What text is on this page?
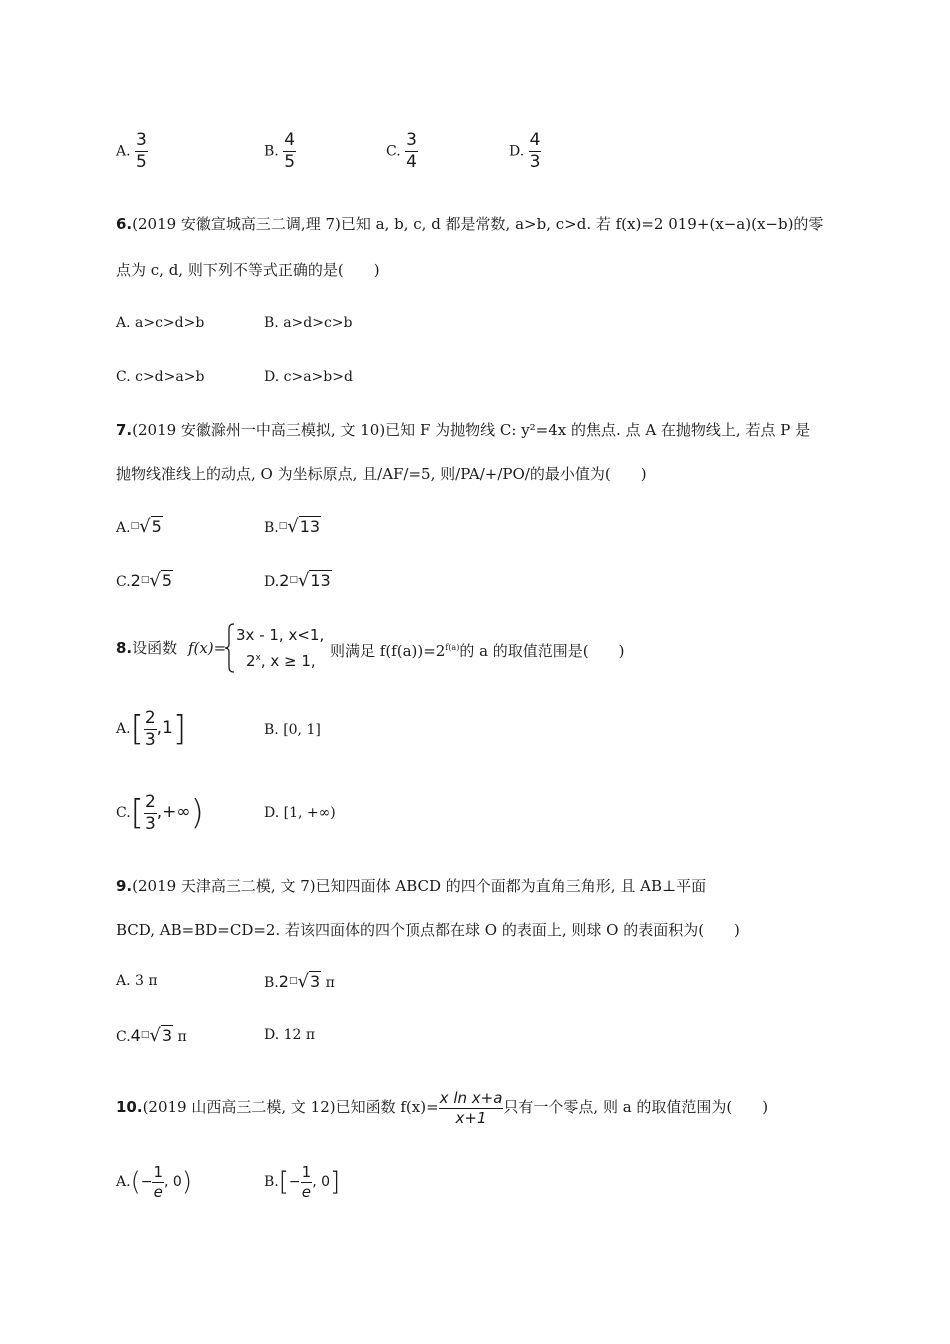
A. $\frac{3}{5}$	B. $\frac{4}{5}$	C. $\frac{3}{4}$	D. $\frac{4}{3}$
6.(2019 安徽宣城高三二调,理 7)已知 a, b, c, d 都是常数, a>b, c>d. 若 f(x)=2 019+(x−a)(x−b)的零
点为 c, d, 则下列不等式正确的是(　　)
A. a>c>d>b	B. a>d>c>b
C. c>d>a>b	D. c>a>b>d
7.(2019 安徽滁州一中高三模拟, 文 10)已知 F 为抛物线 C: y²=4x 的焦点. 点 A 在抛物线上, 若点 P 是
抛物线准线上的动点, O 为坐标原点, 且/AF/=5, 则/PA/+/PO/的最小值为(　　)
A.□√5	B.□√13
C.2□√5	D.2□√13
8.设函数 f(x)=
3x - 1, x<1,
2$^x$, x ≥ 1,
则满足 $f(f(a))=2^{f(a)}$的 a 的取值范围是(　　)
$A.[ \frac{2}{3} ,1]$	B. [0, 1]
$C.[ \frac{2}{3}$ ,+∞)	D. [1, +∞)
9.(2019 天津高三二模, 文 7)已知四面体 ABCD 的四个面都为直角三角形, 且 AB⊥平面
BCD, AB=BD=CD=2. 若该四面体的四个顶点都在球 O 的表面上, 则球 O 的表面积为(　　)
A. 3 π	B.2□√3 π
C.4□√3 π	D. 12 π
10.(2019 山西高三二模, 文 12)已知函数 $f(x)= \frac{\text{x ln x+a}}{x+1}$ 只有一个零点, 则 a 的取值范围为(　　)
$A.(- \frac{1}{e}$ , 0)	$B.[- \frac{1}{e}$ , 0]
